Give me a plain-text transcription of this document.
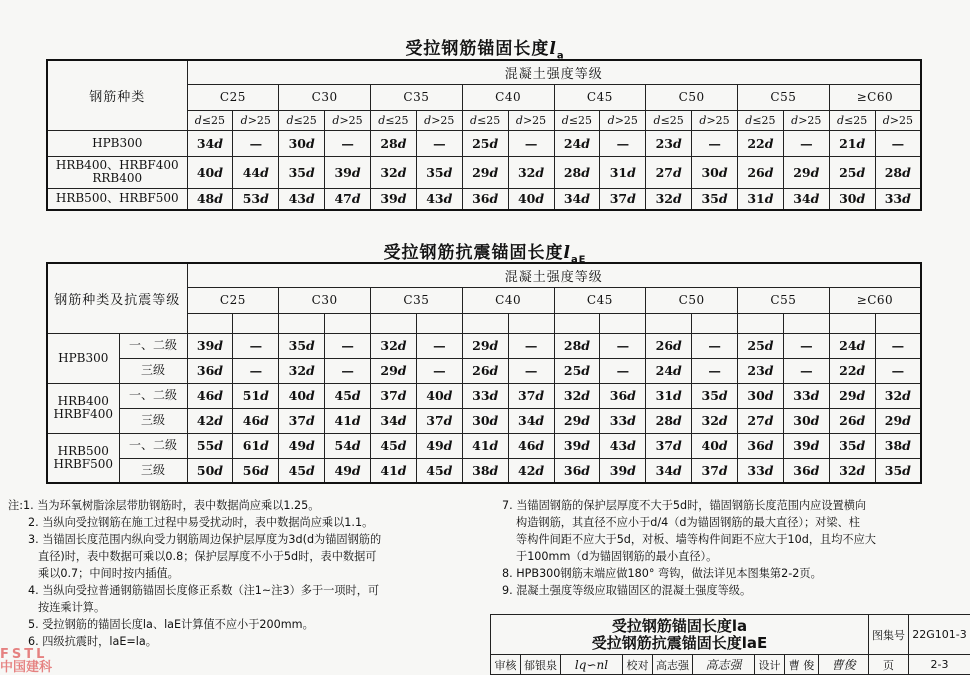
受拉钢筋锚固长度$l_a$
钢筋种类	混凝土强度等级															
	C25		C30		C35		C40		C45		C50		C55		≥C60	
	d≤25	d>25	d≤25	d>25	d≤25	d>25	d≤25	d>25	d≤25	d>25	d≤25	d>25	d≤25	d>25	d≤25	d>25
HPB300	34d	—	30d	—	28d	—	25d	—	24d	—	23d	—	22d	—	21d	—
HRB400、HRBF400 RRB400	40d	44d	35d	39d	32d	35d	29d	32d	28d	31d	27d	30d	26d	29d	25d	28d
HRB500、HRBF500	48d	53d	43d	47d	39d	43d	36d	40d	34d	37d	32d	35d	31d	34d	30d	33d
受拉钢筋抗震锚固长度$l_{aE}$
钢筋种类及抗震等级		混凝土强度等级															
		C25		C30		C35		C40		C45		C50		C55		≥C60	

HPB300	一、二级	39d	—	35d	—	32d	—	29d	—	28d	—	26d	—	25d	—	24d	—
	三级	36d	—	32d	—	29d	—	26d	—	25d	—	24d	—	23d	—	22d	—
HRB400 HRBF400	一、二级	46d	51d	40d	45d	37d	40d	33d	37d	32d	36d	31d	35d	30d	33d	29d	32d
	三级	42d	46d	37d	41d	34d	37d	30d	34d	29d	33d	28d	32d	27d	30d	26d	29d
HRB500 HRBF500	一、二级	55d	61d	49d	54d	45d	49d	41d	46d	39d	43d	37d	40d	36d	39d	35d	38d
	三级	50d	56d	45d	49d	41d	45d	38d	42d	36d	39d	34d	37d	33d	36d	32d	35d
注:1. 当为环氧树脂涂层带肋钢筋时，表中数据尚应乘以1.25。
2. 当纵向受拉钢筋在施工过程中易受扰动时，表中数据尚应乘以1.1。
3. 当锚固长度范围内纵向受力钢筋周边保护层厚度为3d(d为锚固钢筋的
直径)时，表中数据可乘以0.8；保护层厚度不小于5d时，表中数据可
乘以0.7；中间时按内插值。
4. 当纵向受拉普通钢筋锚固长度修正系数（注1~注3）多于一项时，可
按连乘计算。
5. 受拉钢筋的锚固长度la、laE计算值不应小于200mm。
6. 四级抗震时，laE=la。
7. 当锚固钢筋的保护层厚度不大于5d时，锚固钢筋长度范围内应设置横向
构造钢筋，其直径不应小于d/4（d为锚固钢筋的最大直径）；对梁、柱
等构件间距不应大于5d，对板、墙等构件间距不应大于10d，且均不应大
于100mm（d为锚固钢筋的最小直径）。
8. HPB300钢筋末端应做180° 弯钩，做法详见本图集第2-2页。
9. 混凝土强度等级应取锚固区的混凝土强度等级。
受拉钢筋锚固长度la
受拉钢筋抗震锚固长度laE									图集号	22G101-3
审核	郁银泉	lq∽nl	校对	高志强	高志强	设计	曹 俊	曹俊	页	2-3
FSTL
中国建科
